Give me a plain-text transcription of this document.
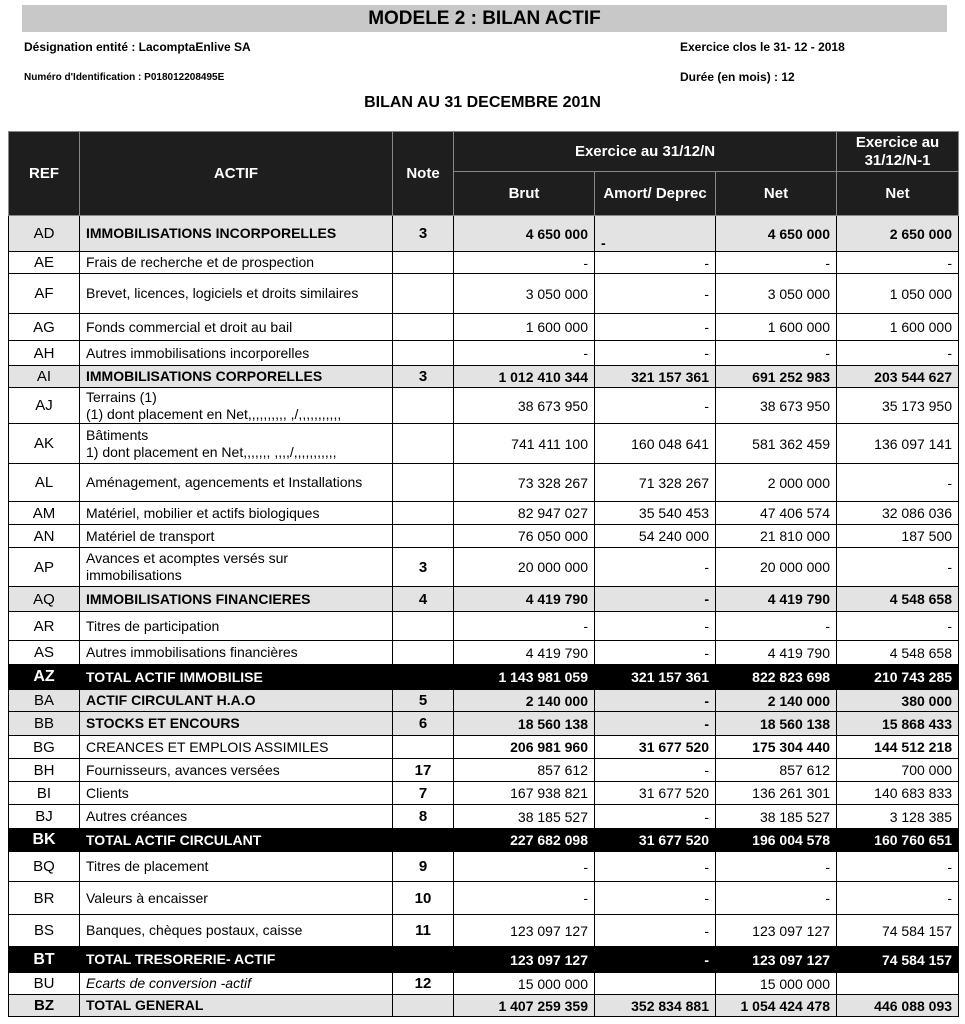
MODELE 2 : BILAN ACTIF
Désignation entité : LacomptaEnlive SA	Exercice clos le 31- 12 - 2018
Numéro d'Identification : P018012208495E	Durée (en mois) : 12
BILAN AU 31 DECEMBRE 201N
REF	ACTIF	Note	Exercice au 31/12/N			Exercice au 31/12/N-1
			Brut	Amort/ Deprec	Net	Net
AD	IMMOBILISATIONS INCORPORELLES	3	4 650 000	-	4 650 000	2 650 000
AE	Frais de recherche et de prospection		-	-	-	-
AF	Brevet, licences, logiciels et droits similaires		3 050 000	-	3 050 000	1 050 000
AG	Fonds commercial et droit au bail		1 600 000	-	1 600 000	1 600 000
AH	Autres immobilisations incorporelles		-	-	-	-
AI	IMMOBILISATIONS CORPORELLES	3	1 012 410 344	321 157 361	691 252 983	203 544 627
AJ	Terrains (1)
(1) dont placement en Net,,,,,,,,,, ,/,,,,,,,,,,,		38 673 950	-	38 673 950	35 173 950
AK	Bâtiments
1) dont placement en Net,,,,,,, ,,,,/,,,,,,,,,,,		741 411 100	160 048 641	581 362 459	136 097 141
AL	Aménagement, agencements et Installations		73 328 267	71 328 267	2 000 000	-
AM	Matériel, mobilier et actifs biologiques		82 947 027	35 540 453	47 406 574	32 086 036
AN	Matériel de transport		76 050 000	54 240 000	21 810 000	187 500
AP	Avances et acomptes versés sur immobilisations	3	20 000 000	-	20 000 000	-
AQ	IMMOBILISATIONS FINANCIERES	4	4 419 790	-	4 419 790	4 548 658
AR	Titres de participation		-	-	-	-
AS	Autres immobilisations financières		4 419 790	-	4 419 790	4 548 658
AZ	TOTAL ACTIF IMMOBILISE		1 143 981 059	321 157 361	822 823 698	210 743 285
BA	ACTIF CIRCULANT H.A.O	5	2 140 000	-	2 140 000	380 000
BB	STOCKS ET ENCOURS	6	18 560 138	-	18 560 138	15 868 433
BG	CREANCES ET EMPLOIS ASSIMILES		206 981 960	31 677 520	175 304 440	144 512 218
BH	Fournisseurs, avances versées	17	857 612	-	857 612	700 000
BI	Clients	7	167 938 821	31 677 520	136 261 301	140 683 833
BJ	Autres créances	8	38 185 527	-	38 185 527	3 128 385
BK	TOTAL ACTIF CIRCULANT		227 682 098	31 677 520	196 004 578	160 760 651
BQ	Titres de placement	9	-	-	-	-
BR	Valeurs à encaisser	10	-	-	-	-
BS	Banques, chèques postaux, caisse	11	123 097 127	-	123 097 127	74 584 157
BT	TOTAL TRESORERIE- ACTIF		123 097 127	-	123 097 127	74 584 157
BU	Ecarts de conversion -actif	12	15 000 000		15 000 000	
BZ	TOTAL GENERAL		1 407 259 359	352 834 881	1 054 424 478	446 088 093
